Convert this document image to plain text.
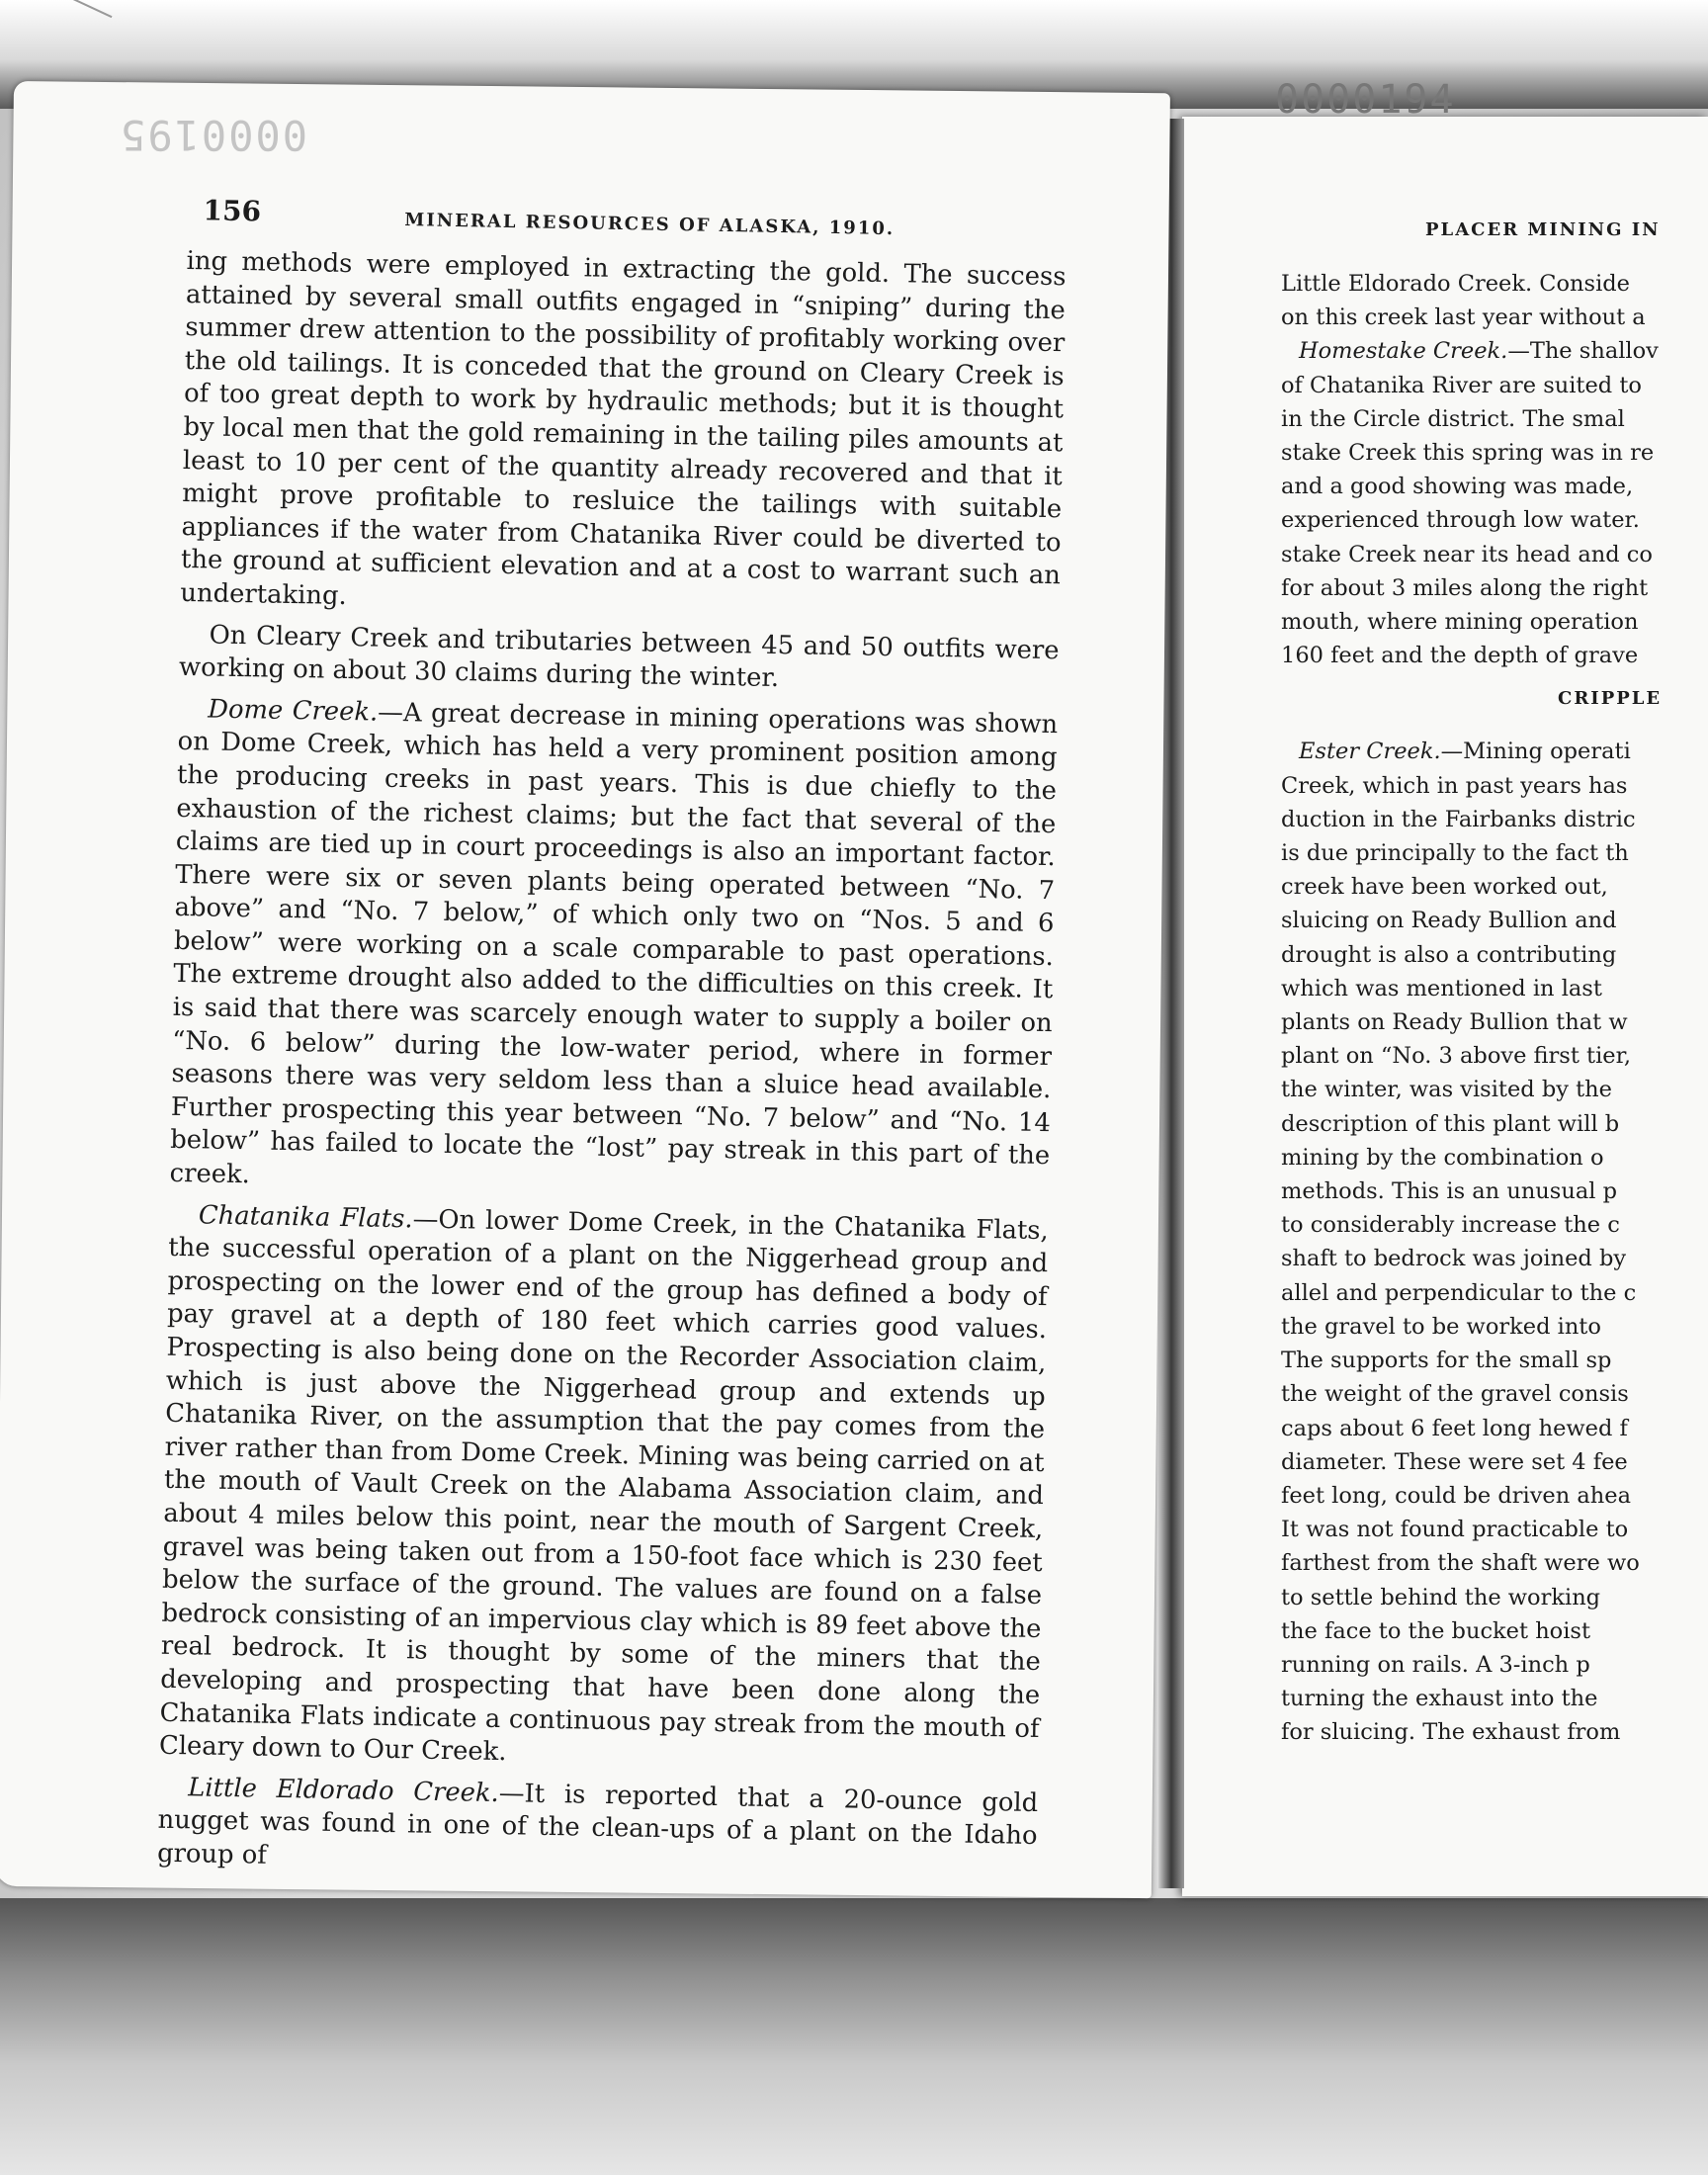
0000195
0000194
156	MINERAL RESOURCES OF ALASKA, 1910.

ing methods were employed in extracting the gold. The success attained by several small outfits engaged in “sniping” during the summer drew attention to the possibility of profitably working over the old tailings. It is conceded that the ground on Cleary Creek is of too great depth to work by hydraulic methods; but it is thought by local men that the gold remaining in the tailing piles amounts at least to 10 per cent of the quantity already recovered and that it might prove profitable to resluice the tailings with suitable appliances if the water from Chatanika River could be diverted to the ground at sufficient elevation and at a cost to warrant such an undertaking.

On Cleary Creek and tributaries between 45 and 50 outfits were working on about 30 claims during the winter.

Dome Creek.—A great decrease in mining operations was shown on Dome Creek, which has held a very prominent position among the producing creeks in past years. This is due chiefly to the exhaustion of the richest claims; but the fact that several of the claims are tied up in court proceedings is also an important factor. There were six or seven plants being operated between “No. 7 above” and “No. 7 below,” of which only two on “Nos. 5 and 6 below” were working on a scale comparable to past operations. The extreme drought also added to the difficulties on this creek. It is said that there was scarcely enough water to supply a boiler on “No. 6 below” during the low-water period, where in former seasons there was very seldom less than a sluice head available. Further prospecting this year between “No. 7 below” and “No. 14 below” has failed to locate the “lost” pay streak in this part of the creek.

Chatanika Flats.—On lower Dome Creek, in the Chatanika Flats, the successful operation of a plant on the Niggerhead group and prospecting on the lower end of the group has defined a body of pay gravel at a depth of 180 feet which carries good values. Prospecting is also being done on the Recorder Association claim, which is just above the Niggerhead group and extends up Chatanika River, on the assumption that the pay comes from the river rather than from Dome Creek. Mining was being carried on at the mouth of Vault Creek on the Alabama Association claim, and about 4 miles below this point, near the mouth of Sargent Creek, gravel was being taken out from a 150-foot face which is 230 feet below the surface of the ground. The values are found on a false bedrock consisting of an impervious clay which is 89 feet above the real bedrock. It is thought by some of the miners that the developing and prospecting that have been done along the Chatanika Flats indicate a continuous pay streak from the mouth of Cleary down to Our Creek.

Little Eldorado Creek.—It is reported that a 20-ounce gold nugget was found in one of the clean-ups of a plant on the Idaho group of

PLACER MINING IN
Little Eldorado Creek. Conside
on this creek last year without a
Homestake Creek.—The shallov
of Chatanika River are suited to
in the Circle district. The smal
stake Creek this spring was in re
and a good showing was made,
experienced through low water.
stake Creek near its head and co
for about 3 miles along the right
mouth, where mining operation
160 feet and the depth of grave
CRIPPLE
Ester Creek.—Mining operati
Creek, which in past years has
duction in the Fairbanks distric
is due principally to the fact th
creek have been worked out,
sluicing on Ready Bullion and
drought is also a contributing
which was mentioned in last
plants on Ready Bullion that w
plant on “No. 3 above first tier,
the winter, was visited by the
description of this plant will b
mining by the combination o
methods. This is an unusual p
to considerably increase the c
shaft to bedrock was joined by
allel and perpendicular to the c
the gravel to be worked into
The supports for the small sp
the weight of the gravel consis
caps about 6 feet long hewed f
diameter. These were set 4 fee
feet long, could be driven ahea
It was not found practicable to
farthest from the shaft were wo
to settle behind the working
the face to the bucket hoist
running on rails. A 3-inch p
turning the exhaust into the
for sluicing. The exhaust from
